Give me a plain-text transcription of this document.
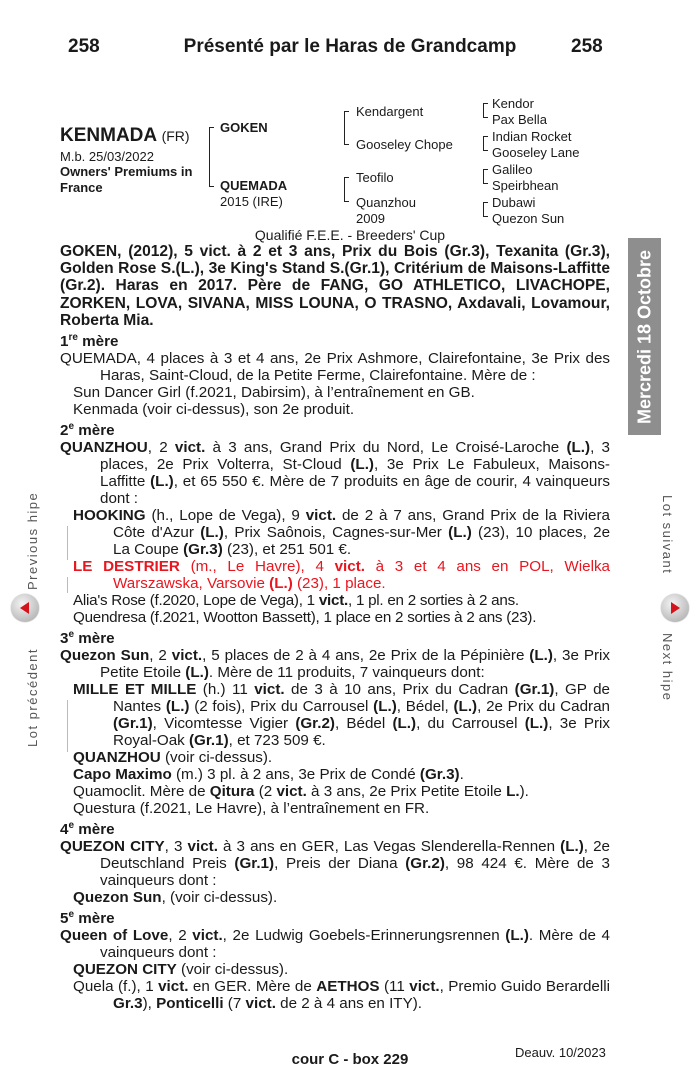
258	Présenté par le Haras de Grandcamp	258
KENMADA (FR)
M.b. 25/03/2022
Owners' Premiums in
France
GOKEN
QUEMADA
2015 (IRE)
Kendargent
Gooseley Chope
Teofilo
Quanzhou
2009
Kendor
Pax Bella
Indian Rocket
Gooseley Lane
Galileo
Speirbhean
Dubawi
Quezon Sun
Qualifié F.E.E. - Breeders' Cup

GOKEN, (2012), 5 vict. à 2 et 3 ans, Prix du Bois (Gr.3), Texanita (Gr.3), Golden Rose S.(L.), 3e King's Stand S.(Gr.1), Critérium de Maisons-Laffitte (Gr.2). Haras en 2017. Père de FANG, GO ATHLETICO, LIVACHOPE, ZORKEN, LOVA, SIVANA, MISS LOUNA, O TRASNO, Axdavali, Lovamour, Roberta Mia.

1re mère

QUEMADA, 4 places à 3 et 4 ans, 2e Prix Ashmore, Clairefontaine, 3e Prix des Haras, Saint-Cloud, de la Petite Ferme, Clairefontaine. Mère de :

Sun Dancer Girl (f.2021, Dabirsim), à l’entraînement en GB.

Kenmada (voir ci-dessus), son 2e produit.

2e mère

QUANZHOU, 2 vict. à 3 ans, Grand Prix du Nord, Le Croisé-Laroche (L.), 3 places, 2e Prix Volterra, St-Cloud (L.), 3e Prix Le Fabuleux, Maisons-Laffitte (L.), et 65 550 €. Mère de 7 produits en âge de courir, 4 vainqueurs dont :

HOOKING (h., Lope de Vega), 9 vict. de 2 à 7 ans, Grand Prix de la Riviera Côte d'Azur (L.), Prix Saônois, Cagnes-sur-Mer (L.) (23), 10 places, 2e La Coupe (Gr.3) (23), et 251 501 €.

LE DESTRIER (m., Le Havre), 4 vict. à 3 et 4 ans en POL, Wielka Warszawska, Varsovie (L.) (23), 1 place.

Alia's Rose (f.2020, Lope de Vega), 1 vict., 1 pl. en 2 sorties à 2 ans.

Quendresa (f.2021, Wootton Bassett), 1 place en 2 sorties à 2 ans (23).

3e mère

Quezon Sun, 2 vict., 5 places de 2 à 4 ans, 2e Prix de la Pépinière (L.), 3e Prix Petite Etoile (L.). Mère de 11 produits, 7 vainqueurs dont:

MILLE ET MILLE (h.) 11 vict. de 3 à 10 ans, Prix du Cadran (Gr.1), GP de Nantes (L.) (2 fois), Prix du Carrousel (L.), Bédel, (L.), 2e Prix du Cadran (Gr.1), Vicomtesse Vigier (Gr.2), Bédel (L.), du Carrousel (L.), 3e Prix Royal-Oak (Gr.1), et 723 509 €.

QUANZHOU (voir ci-dessus).

Capo Maximo (m.) 3 pl. à 2 ans, 3e Prix de Condé (Gr.3).

Quamoclit. Mère de Qitura (2 vict. à 3 ans, 2e Prix Petite Etoile L.).

Questura (f.2021, Le Havre), à l’entraînement en FR.

4e mère

QUEZON CITY, 3 vict. à 3 ans en GER, Las Vegas Slenderella-Rennen (L.), 2e Deutschland Preis (Gr.1), Preis der Diana (Gr.2), 98 424 €. Mère de 3 vainqueurs dont :

Quezon Sun, (voir ci-dessus).

5e mère

Queen of Love, 2 vict., 2e Ludwig Goebels-Erinnerungsrennen (L.). Mère de 4 vainqueurs dont :

QUEZON CITY (voir ci-dessus).

Quela (f.), 1 vict. en GER. Mère de AETHOS (11 vict., Premio Guido Berardelli Gr.3), Ponticelli (7 vict. de 2 à 4 ans en ITY).

Mercredi 18 Octobre
Lot précédent
Previous hipe	Lot suivant
Next hipe
Deauv. 10/2023
cour C - box 229
